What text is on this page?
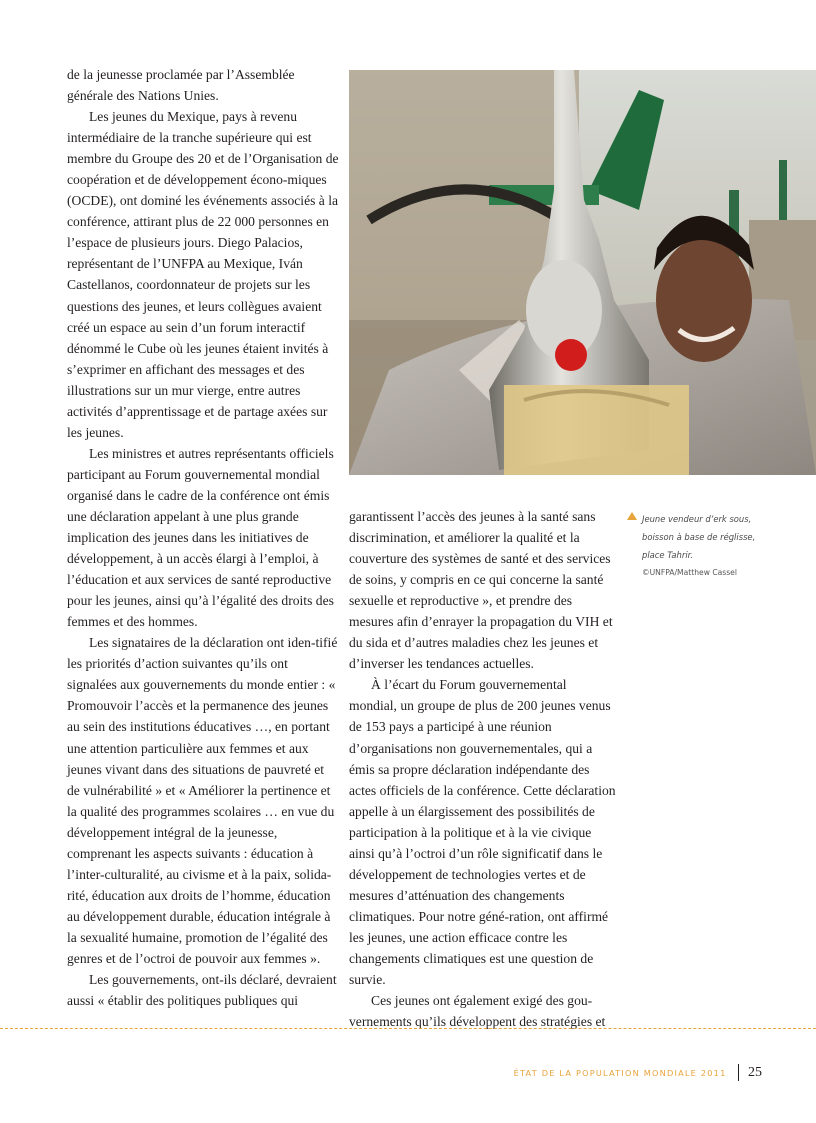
de la jeunesse proclamée par l’Assemblée générale des Nations Unies.

Les jeunes du Mexique, pays à revenu intermédiaire de la tranche supérieure qui est membre du Groupe des 20 et de l’Organisation de coopération et de développement écono-miques (OCDE), ont dominé les événements associés à la conférence, attirant plus de 22 000 personnes en l’espace de plusieurs jours. Diego Palacios, représentant de l’UNFPA au Mexique, Iván Castellanos, coordonnateur de projets sur les questions des jeunes, et leurs collègues avaient créé un espace au sein d’un forum interactif dénommé le Cube où les jeunes étaient invités à s’exprimer en affichant des messages et des illustrations sur un mur vierge, entre autres activités d’apprentissage et de partage axées sur les jeunes.

Les ministres et autres représentants officiels participant au Forum gouvernemental mondial organisé dans le cadre de la conférence ont émis une déclaration appelant à une plus grande implication des jeunes dans les initiatives de développement, à un accès élargi à l’emploi, à l’éducation et aux services de santé reproductive pour les jeunes, ainsi qu’à l’égalité des droits des femmes et des hommes.

Les signataires de la déclaration ont iden-tifié les priorités d’action suivantes qu’ils ont signalées aux gouvernements du monde entier : « Promouvoir l’accès et la permanence des jeunes au sein des institutions éducatives …, en portant une attention particulière aux femmes et aux jeunes vivant dans des situations de pauvreté et de vulnérabilité » et « Améliorer la pertinence et la qualité des programmes scolaires … en vue du développement intégral de la jeunesse, comprenant les aspects suivants : éducation à l’inter-culturalité, au civisme et à la paix, solida-rité, éducation aux droits de l’homme, éducation au développement durable, éducation intégrale à la sexualité humaine, promotion de l’égalité des genres et de l’octroi de pouvoir aux femmes ».

Les gouvernements, ont-ils déclaré, devraient aussi « établir des politiques publiques qui

garantissent l’accès des jeunes à la santé sans discrimination, et améliorer la qualité et la couverture des systèmes de santé et des services de soins, y compris en ce qui concerne la santé sexuelle et reproductive », et prendre des mesures afin d’enrayer la propagation du VIH et du sida et d’autres maladies chez les jeunes et d’inverser les tendances actuelles.

À l’écart du Forum gouvernemental mondial, un groupe de plus de 200 jeunes venus de 153 pays a participé à une réunion d’organisations non gouvernementales, qui a émis sa propre déclaration indépendante des actes officiels de la conférence. Cette déclaration appelle à un élargissement des possibilités de participation à la politique et à la vie civique ainsi qu’à l’octroi d’un rôle significatif dans le développement de technologies vertes et de mesures d’atténuation des changements climatiques. Pour notre géné-ration, ont affirmé les jeunes, une action efficace contre les changements climatiques est une question de survie.

Ces jeunes ont également exigé des gou-vernements qu’ils développent des stratégies et

Jeune vendeur d’erk sous, boisson à base de réglisse, place Tahrir.
©UNFPA/Matthew Cassel
ÉTAT DE LA POPULATION MONDIALE 2011 25
